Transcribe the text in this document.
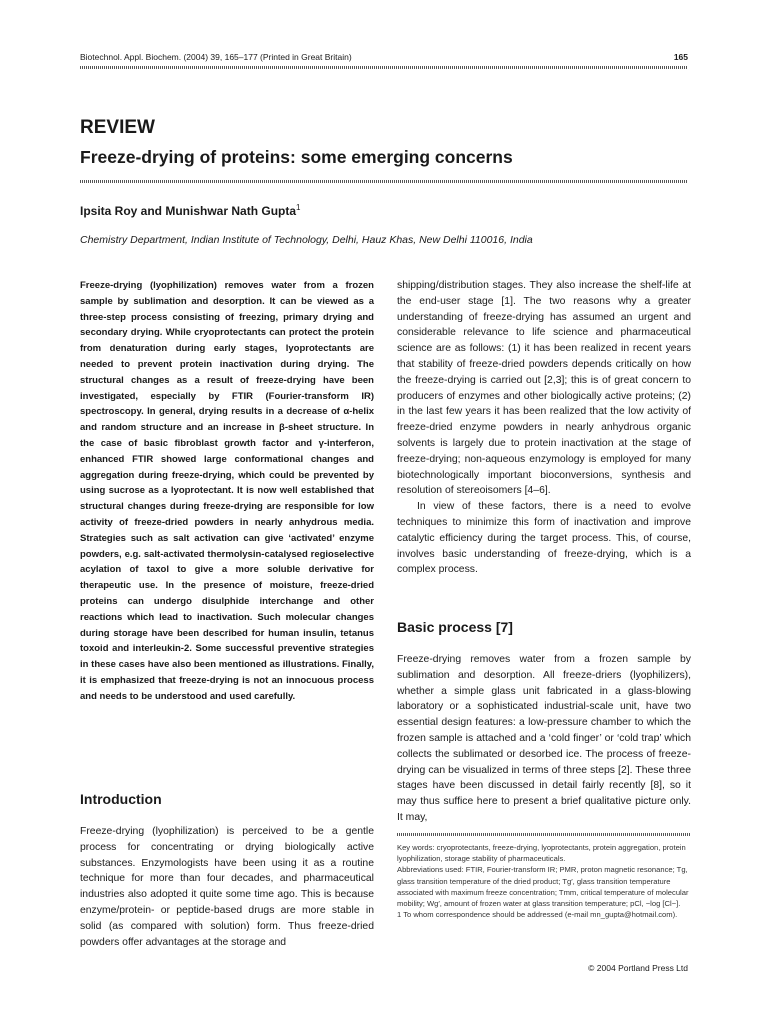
Biotechnol. Appl. Biochem. (2004) 39, 165–177 (Printed in Great Britain)	165
REVIEW
Freeze-drying of proteins: some emerging concerns
Ipsita Roy and Munishwar Nath Gupta$^1$
Chemistry Department, Indian Institute of Technology, Delhi, Hauz Khas, New Delhi 110016, India
Freeze-drying (lyophilization) removes water from a frozen sample by sublimation and desorption. It can be viewed as a three-step process consisting of freezing, primary drying and secondary drying. While cryoprotectants can protect the protein from denaturation during early stages, lyoprotectants are needed to prevent protein inactivation during drying. The structural changes as a result of freeze-drying have been investigated, especially by FTIR (Fourier-transform IR) spectroscopy. In general, drying results in a decrease of α-helix and random structure and an increase in β-sheet structure. In the case of basic fibroblast growth factor and γ-interferon, enhanced FTIR showed large conformational changes and aggregation during freeze-drying, which could be prevented by using sucrose as a lyoprotectant. It is now well established that structural changes during freeze-drying are responsible for low activity of freeze-dried powders in nearly anhydrous media. Strategies such as salt activation can give ‘activated’ enzyme powders, e.g. salt-activated thermolysin-catalysed regioselective acylation of taxol to give a more soluble derivative for therapeutic use. In the presence of moisture, freeze-dried proteins can undergo disulphide interchange and other reactions which lead to inactivation. Such molecular changes during storage have been described for human insulin, tetanus toxoid and interleukin-2. Some successful preventive strategies in these cases have also been mentioned as illustrations. Finally, it is emphasized that freeze-drying is not an innocuous process and needs to be understood and used carefully.
Introduction
Freeze-drying (lyophilization) is perceived to be a gentle process for concentrating or drying biologically active substances. Enzymologists have been using it as a routine technique for more than four decades, and pharmaceutical industries also adopted it quite some time ago. This is because enzyme/protein- or peptide-based drugs are more stable in solid (as compared with solution) form. Thus freeze-dried powders offer advantages at the storage and

shipping/distribution stages. They also increase the shelf-life at the end-user stage [1]. The two reasons why a greater understanding of freeze-drying has assumed an urgent and considerable relevance to life science and pharmaceutical science are as follows: (1) it has been realized in recent years that stability of freeze-dried powders depends critically on how the freeze-drying is carried out [2,3]; this is of great concern to producers of enzymes and other biologically active proteins; (2) in the last few years it has been realized that the low activity of freeze-dried enzyme powders in nearly anhydrous organic solvents is largely due to protein inactivation at the stage of freeze-drying; non-aqueous enzymology is employed for many biotechnologically important bioconversions, synthesis and resolution of stereoisomers [4–6].

In view of these factors, there is a need to evolve techniques to minimize this form of inactivation and improve catalytic efficiency during the target process. This, of course, involves basic understanding of freeze-drying, which is a complex process.

Basic process [7]
Freeze-drying removes water from a frozen sample by sublimation and desorption. All freeze-driers (lyophilizers), whether a simple glass unit fabricated in a glass-blowing laboratory or a sophisticated industrial-scale unit, have two essential design features: a low-pressure chamber to which the frozen sample is attached and a ‘cold finger’ or ‘cold trap’ which collects the sublimated or desorbed ice. The process of freeze-drying can be visualized in terms of three steps [2]. These three stages have been discussed in detail fairly recently [8], so it may thus suffice here to present a brief qualitative picture only. It may,

Key words: cryoprotectants, freeze-drying, lyoprotectants, protein aggregation, protein lyophilization, storage stability of pharmaceuticals.

Abbreviations used: FTIR, Fourier-transform IR; PMR, proton magnetic resonance; Tg, glass transition temperature of the dried product; Tg′, glass transition temperature associated with maximum freeze concentration; Tmm, critical temperature of molecular mobility; Wg′, amount of frozen water at glass transition temperature; pCl, −log [Cl−].

1 To whom correspondence should be addressed (e-mail mn_gupta@hotmail.com).

© 2004 Portland Press Ltd
